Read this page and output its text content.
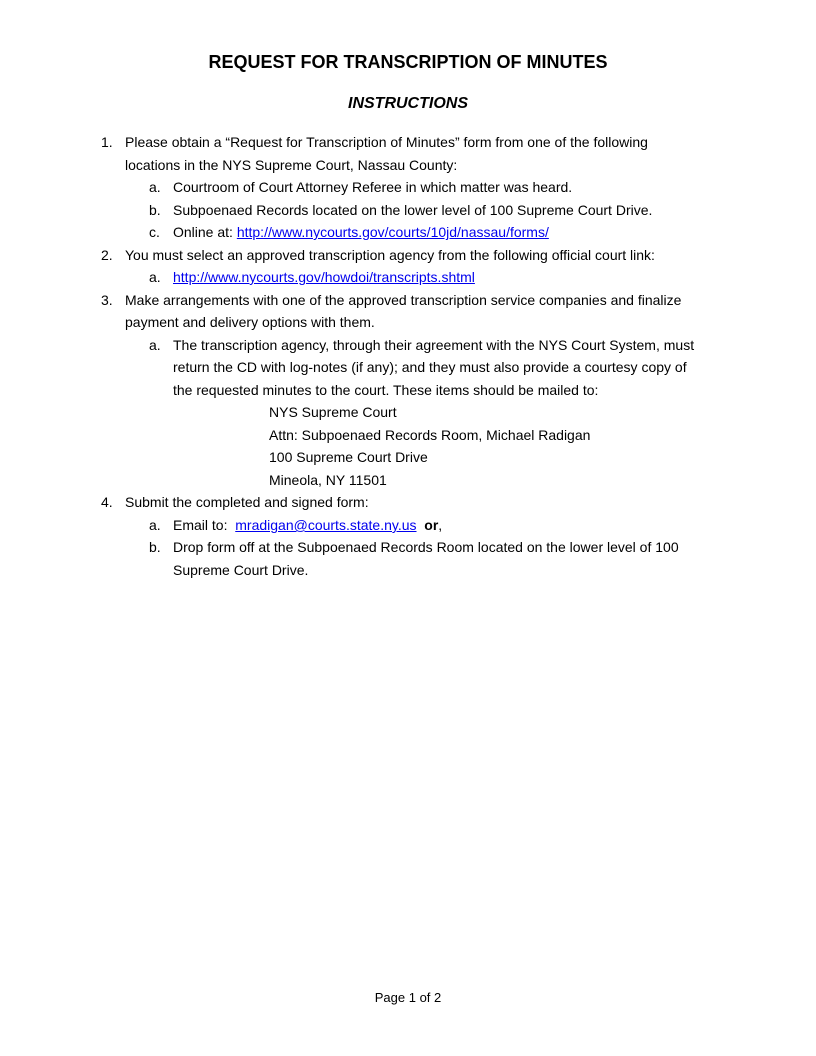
REQUEST FOR TRANSCRIPTION OF MINUTES
INSTRUCTIONS
1. Please obtain a “Request for Transcription of Minutes” form from one of the following
locations in the NYS Supreme Court, Nassau County:
a. Courtroom of Court Attorney Referee in which matter was heard.
b. Subpoenaed Records located on the lower level of 100 Supreme Court Drive.
c. Online at: http://www.nycourts.gov/courts/10jd/nassau/forms/
2. You must select an approved transcription agency from the following official court link:
a. http://www.nycourts.gov/howdoi/transcripts.shtml
3. Make arrangements with one of the approved transcription service companies and finalize
payment and delivery options with them.
a. The transcription agency, through their agreement with the NYS Court System, must
return the CD with log-notes (if any); and they must also provide a courtesy copy of
the requested minutes to the court. These items should be mailed to:
NYS Supreme Court
Attn: Subpoenaed Records Room, Michael Radigan
100 Supreme Court Drive
Mineola, NY 11501
4. Submit the completed and signed form:
a. Email to:  mradigan@courts.state.ny.us or,
b. Drop form off at the Subpoenaed Records Room located on the lower level of 100
Supreme Court Drive.
Page 1 of 2
